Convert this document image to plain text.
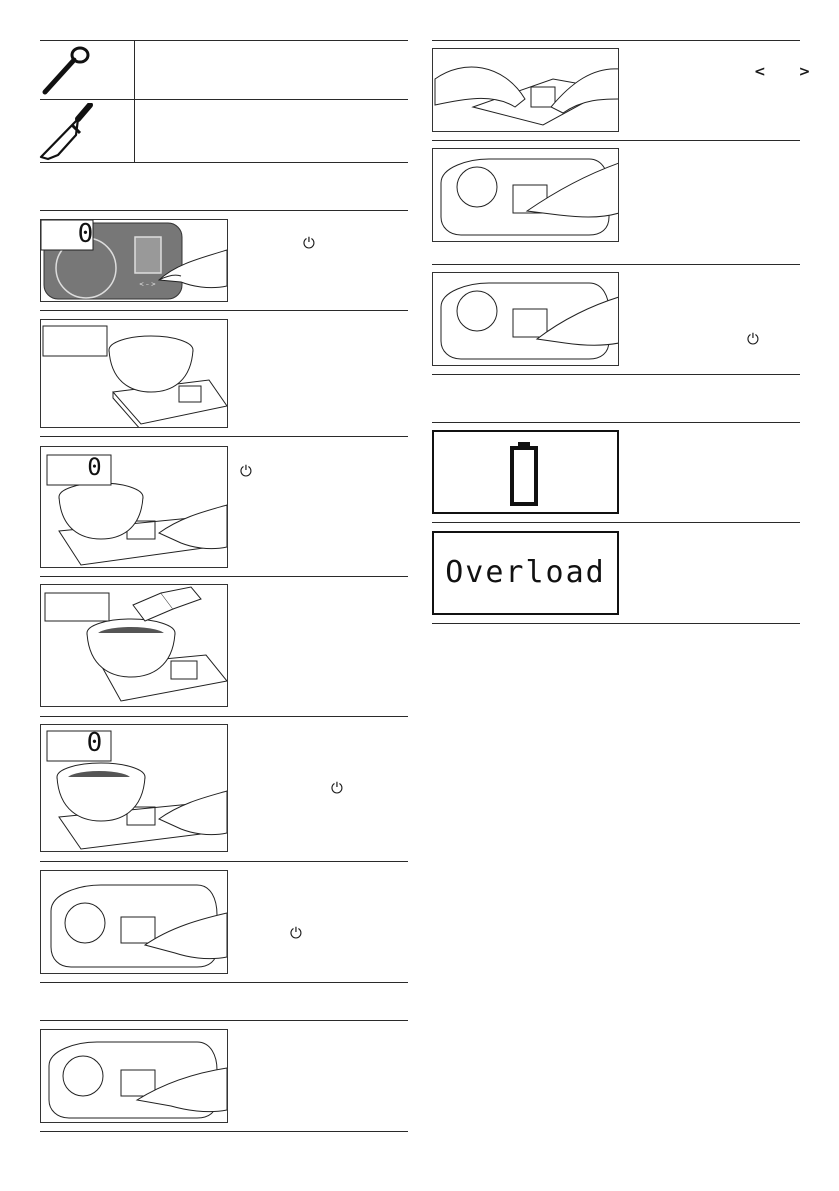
< – >
0	⏻
0	⏻
0
⏻
⏻
< >
⏻
Overload
